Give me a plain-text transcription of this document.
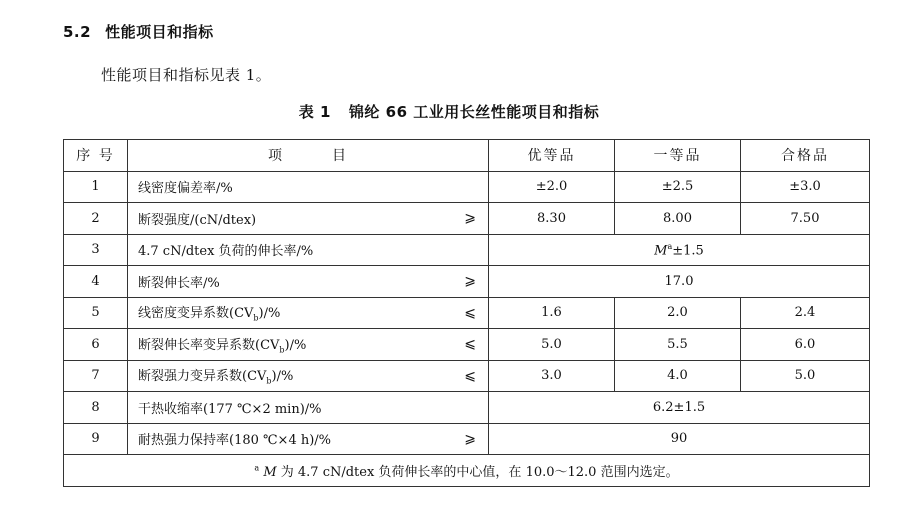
5.2 性能项目和指标
性能项目和指标见表 1。
表 1 锦纶 66 工业用长丝性能项目和指标
序 号	项　　　目	优等品	一等品	合格品
1	线密度偏差率/%	±2.0	±2.5	±3.0
2	断裂强度/(cN/dtex) ⩾	8.30	8.00	7.50
3	4.7 cN/dtex 负荷的伸长率/%	$M^a\pm 1.5$		
4	断裂伸长率/% ⩾	17.0		
5	线密度变异系数$(CV_b)/\%$ ⩽	1.6	2.0	2.4
6	断裂伸长率变异系数$(CV_b)/\%$ ⩽	5.0	5.5	6.0
7	断裂强力变异系数$(CV_b)/\%$ ⩽	3.0	4.0	5.0
8	干热收缩率(177 ℃×2 min)/%	6.2±1.5		
9	耐热强力保持率(180 ℃×4 h)/% ⩾	90		
$^a$ M 为 4.7 cN/dtex 负荷伸长率的中心值，在 10.0～12.0 范围内选定。				
